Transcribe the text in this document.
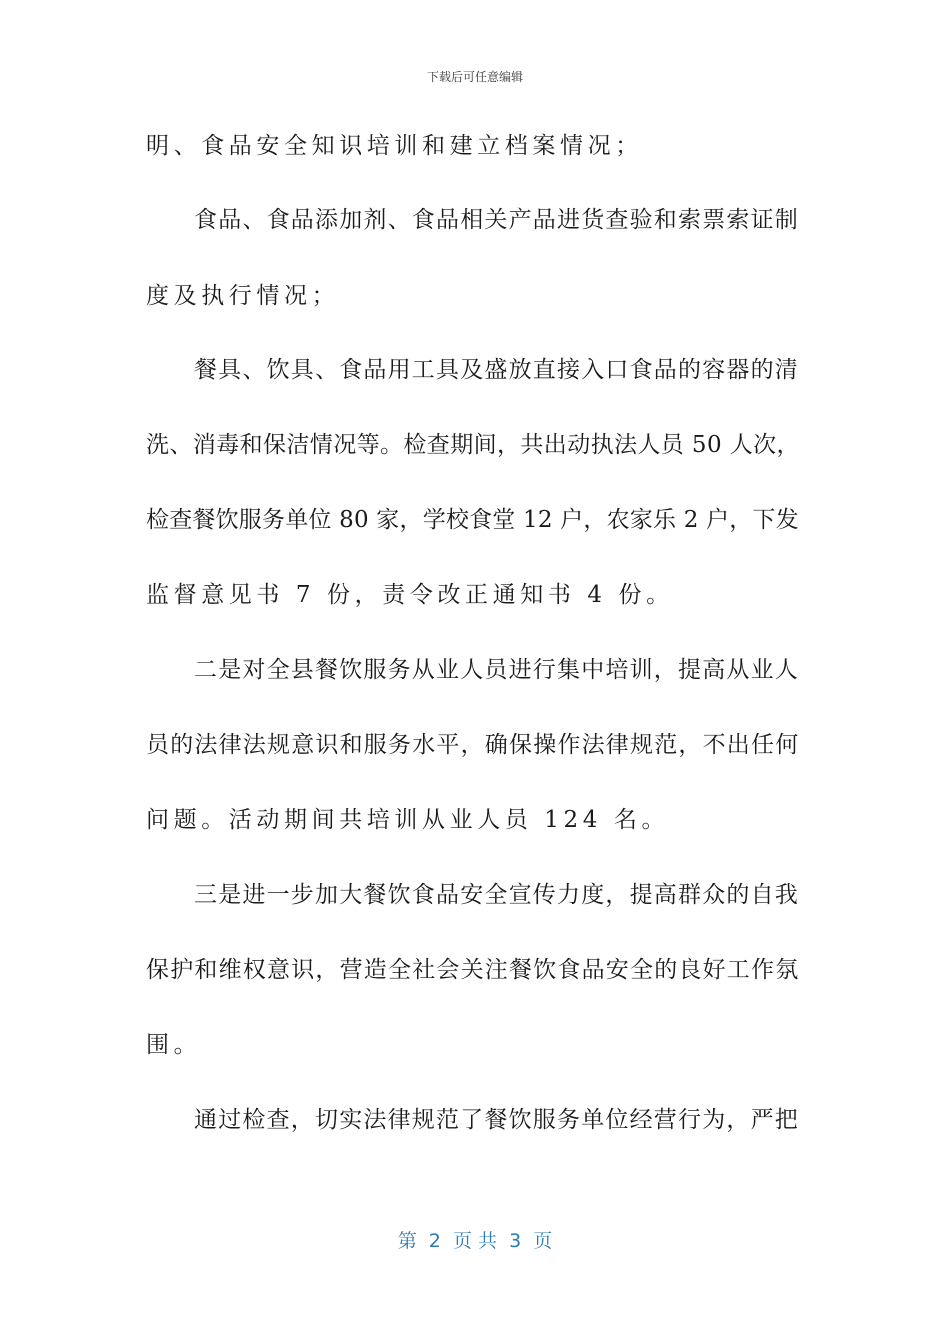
下载后可任意编辑
明、食品安全知识培训和建立档案情况；
食品、食品添加剂、食品相关产品进货查验和索票索证制
度及执行情况；
餐具、饮具、食品用工具及盛放直接入口食品的容器的清
洗、消毒和保洁情况等。检查期间，共出动执法人员 50 人次，
检查餐饮服务单位 80 家，学校食堂 12 户，农家乐 2 户，下发
监督意见书 7 份，责令改正通知书 4 份。
二是对全县餐饮服务从业人员进行集中培训，提高从业人
员的法律法规意识和服务水平，确保操作法律规范，不出任何
问题。活动期间共培训从业人员 124 名。
三是进一步加大餐饮食品安全宣传力度，提高群众的自我
保护和维权意识，营造全社会关注餐饮食品安全的良好工作氛
围。
通过检查，切实法律规范了餐饮服务单位经营行为，严把
第  2  页 共  3  页
